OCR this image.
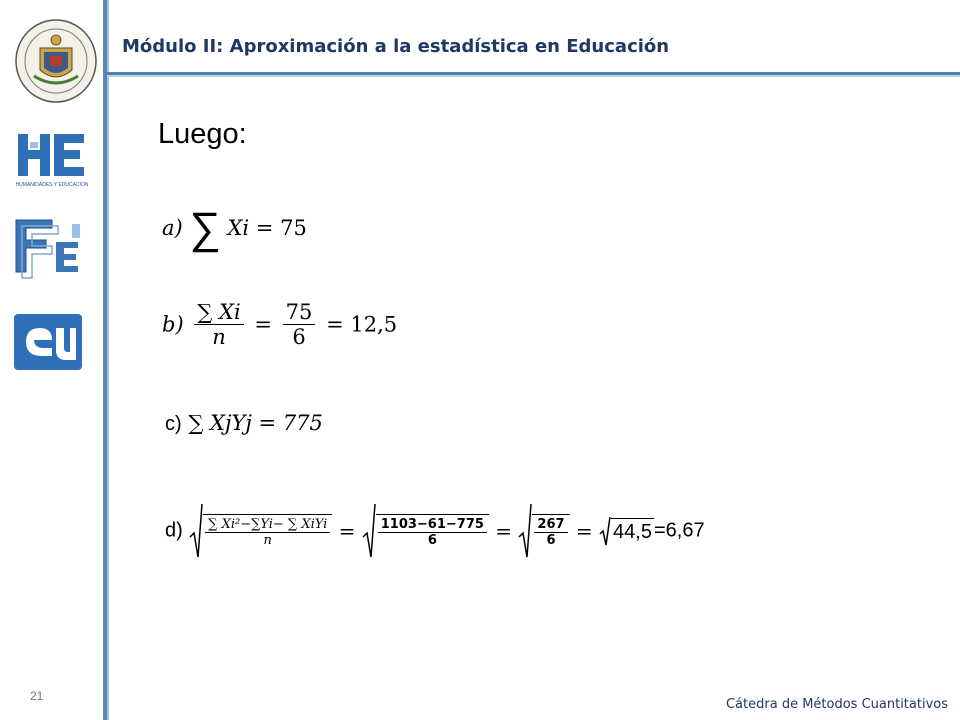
Módulo II: Aproximación a la estadística en Educación
HUMANIDADES Y EDUCACION
Luego:
a) ∑ Xi = 75
$b) \frac{\sum Xi}{n} = \frac{75}{6} = 12,5$
c) ∑ XjYj = 775
$d) \frac{\text{∑ Xi²−∑Yi− ∑ XiYi}}{n} = \frac{1103-61-775}{6} = \frac{267}{6} = 44,5 =6,67$
21
Cátedra de Métodos Cuantitativos
